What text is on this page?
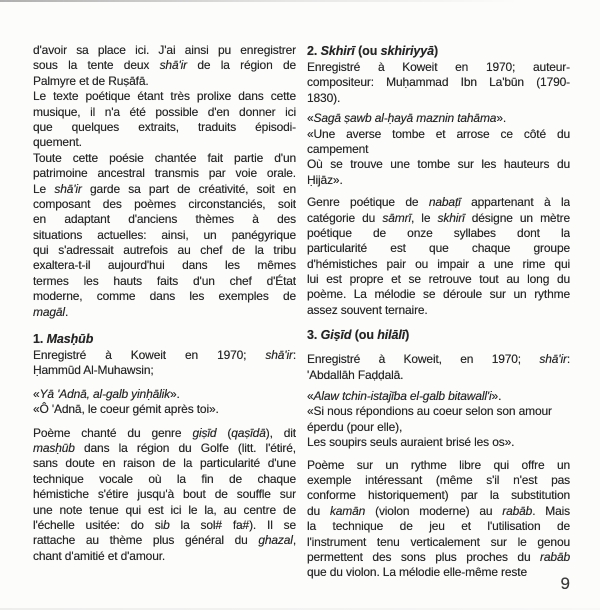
d'avoir sa place ici. J'ai ainsi pu enregistrer
sous la tente deux shā'ir de la région de
Palmyre et de Ruṣāfā.
Le texte poétique étant très prolixe dans cette
musique, il n'a été possible d'en donner ici
que quelques extraits, traduits épisodi-
quement.
Toute cette poésie chantée fait partie d'un
patrimoine ancestral transmis par voie orale.
Le shā'ir garde sa part de créativité, soit en
composant des poèmes circonstanciés, soit
en adaptant d'anciens thèmes à des
situations actuelles: ainsi, un panégyrique
qui s'adressait autrefois au chef de la tribu
exaltera-t-il aujourd'hui dans les mêmes
termes les hauts faits d'un chef d'État
moderne, comme dans les exemples de
magāl.
1. Masḥūb
Enregistré à Koweit en 1970; shā'ir:
Ḥammūd Al-Muhawsin;
«Yā 'Adnā, al-galb yinḥālik».
«Ô 'Adnā, le coeur gémit après toi».
Poème chanté du genre giṣīd (qaṣīdā), dit
masḥūb dans la région du Golfe (litt. l'étiré,
sans doute en raison de la particularité d'une
technique vocale où la fin de chaque
hémistiche s'étire jusqu'à bout de souffle sur
une note tenue qui est ici le la, au centre de
l'échelle usitée: do sib la sol# fa#). Il se
rattache au thème plus général du ghazal,
chant d'amitié et d'amour.
2. Skhirī (ou skhiriyyā)
Enregistré à Koweit en 1970; auteur-
compositeur: Muḥammad Ibn La'būn (1790-
1830).
«Sagā ṣawb al-ḥayā maznin tahāma».
«Une averse tombe et arrose ce côté du
campement
Où se trouve une tombe sur les hauteurs du
Ḥijāz».
Genre poétique de nabaṭī appartenant à la
catégorie du sāmrī, le skhirī désigne un mètre
poétique de onze syllabes dont la
particularité est que chaque groupe
d'hémistiches pair ou impair a une rime qui
lui est propre et se retrouve tout au long du
poème. La mélodie se déroule sur un rythme
assez souvent ternaire.
3. Giṣīd (ou hilālī)
Enregistré à Koweit, en 1970; shā'ir:
'Abdallāh Faḍḍalā.
«Alaw tchin-istajība el-galb bitawall'i».
«Si nous répondions au coeur selon son amour
éperdu (pour elle),
Les soupirs seuls auraient brisé les os».
Poème sur un rythme libre qui offre un
exemple intéressant (même s'il n'est pas
conforme historiquement) par la substitution
du kamān (violon moderne) au rabāb. Mais
la technique de jeu et l'utilisation de
l'instrument tenu verticalement sur le genou
permettent des sons plus proches du rabāb
que du violon. La mélodie elle-même reste
9
